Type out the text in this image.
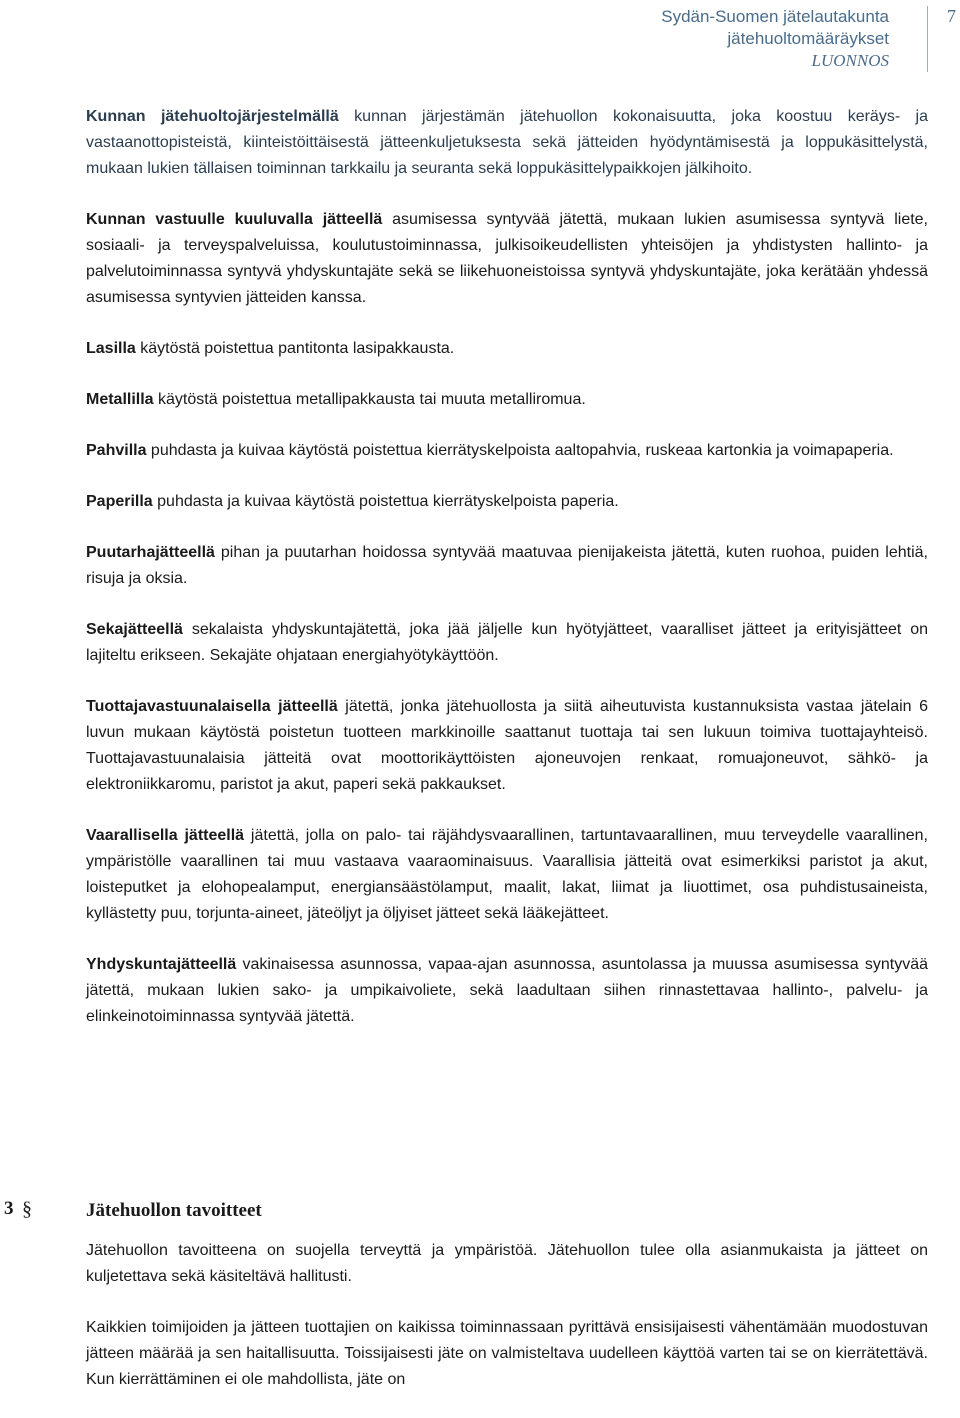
Sydän-Suomen jätelautakunta
jätehuoltomääräykset
LUONNOS
7

Kunnan jätehuoltojärjestelmällä kunnan järjestämän jätehuollon kokonaisuutta, joka koostuu keräys- ja vastaanottopisteistä, kiinteistöittäisestä jätteenkuljetuksesta sekä jätteiden hyödyntämisestä ja loppukäsittelystä, mukaan lukien tällaisen toiminnan tarkkailu ja seuranta sekä loppukäsittelypaikkojen jälkihoito.

Kunnan vastuulle kuuluvalla jätteellä asumisessa syntyvää jätettä, mukaan lukien asumisessa syntyvä liete, sosiaali- ja terveyspalveluissa, koulutustoiminnassa, julkisoikeudellisten yhteisöjen ja yhdistysten hallinto- ja palvelutoiminnassa syntyvä yhdyskuntajäte sekä se liikehuoneistoissa syntyvä yhdyskuntajäte, joka kerätään yhdessä asumisessa syntyvien jätteiden kanssa.

Lasilla käytöstä poistettua pantitonta lasipakkausta.

Metallilla käytöstä poistettua metallipakkausta tai muuta metalliromua.

Pahvilla puhdasta ja kuivaa käytöstä poistettua kierrätyskelpoista aaltopahvia, ruskeaa kartonkia ja voimapaperia.

Paperilla puhdasta ja kuivaa käytöstä poistettua kierrätyskelpoista paperia.

Puutarhajätteellä pihan ja puutarhan hoidossa syntyvää maatuvaa pienijakeista jätettä, kuten ruohoa, puiden lehtiä, risuja ja oksia.

Sekajätteellä sekalaista yhdyskuntajätettä, joka jää jäljelle kun hyötyjätteet, vaaralliset jätteet ja erityisjätteet on lajiteltu erikseen. Sekajäte ohjataan energiahyötykäyttöön.

Tuottajavastuunalaisella jätteellä jätettä, jonka jätehuollosta ja siitä aiheutuvista kustannuksista vastaa jätelain 6 luvun mukaan käytöstä poistetun tuotteen markkinoille saattanut tuottaja tai sen lukuun toimiva tuottajayhteisö. Tuottajavastuunalaisia jätteitä ovat moottorikäyttöisten ajoneuvojen renkaat, romuajoneuvot, sähkö- ja elektroniikkaromu, paristot ja akut, paperi sekä pakkaukset.

Vaarallisella jätteellä jätettä, jolla on palo- tai räjähdysvaarallinen, tartuntavaarallinen, muu terveydelle vaarallinen, ympäristölle vaarallinen tai muu vastaava vaaraominaisuus. Vaarallisia jätteitä ovat esimerkiksi paristot ja akut, loisteputket ja elohopealamput, energiansäästölamput, maalit, lakat, liimat ja liuottimet, osa puhdistusaineista, kyllästetty puu, torjunta-aineet, jäteöljyt ja öljyiset jätteet sekä lääkejätteet.

Yhdyskuntajätteellä vakinaisessa asunnossa, vapaa-ajan asunnossa, asuntolassa ja muussa asumisessa syntyvää jätettä, mukaan lukien sako- ja umpikaivoliete, sekä laadultaan siihen rinnastettavaa hallinto-, palvelu- ja elinkeinotoiminnassa syntyvää jätettä.

3 §	Jätehuollon tavoitteet

Jätehuollon tavoitteena on suojella terveyttä ja ympäristöä. Jätehuollon tulee olla asianmukaista ja jätteet on kuljetettava sekä käsiteltävä hallitusti.

Kaikkien toimijoiden ja jätteen tuottajien on kaikissa toiminnassaan pyrittävä ensisijaisesti vähentämään muodostuvan jätteen määrää ja sen haitallisuutta. Toissijaisesti jäte on valmisteltava uudelleen käyttöä varten tai se on kierrätettävä. Kun kierrättäminen ei ole mahdollista, jäte on
